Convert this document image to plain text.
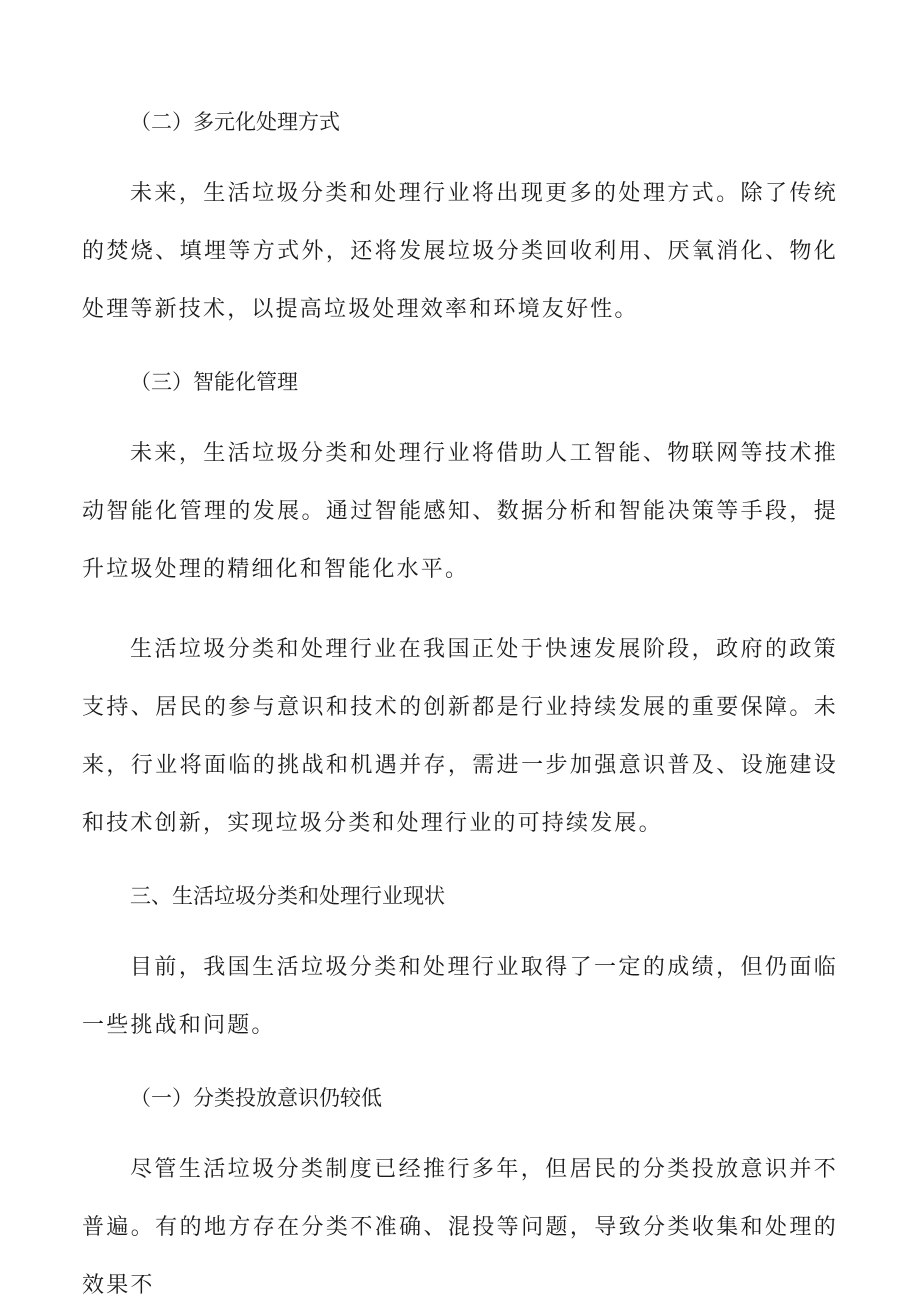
（二）多元化处理方式

未来，生活垃圾分类和处理行业将出现更多的处理方式。除了传统的焚烧、填埋等方式外，还将发展垃圾分类回收利用、厌氧消化、物化处理等新技术，以提高垃圾处理效率和环境友好性。

（三）智能化管理

未来，生活垃圾分类和处理行业将借助人工智能、物联网等技术推动智能化管理的发展。通过智能感知、数据分析和智能决策等手段，提升垃圾处理的精细化和智能化水平。

生活垃圾分类和处理行业在我国正处于快速发展阶段，政府的政策支持、居民的参与意识和技术的创新都是行业持续发展的重要保障。未来，行业将面临的挑战和机遇并存，需进一步加强意识普及、设施建设和技术创新，实现垃圾分类和处理行业的可持续发展。

三、生活垃圾分类和处理行业现状

目前，我国生活垃圾分类和处理行业取得了一定的成绩，但仍面临一些挑战和问题。

（一）分类投放意识仍较低

尽管生活垃圾分类制度已经推行多年，但居民的分类投放意识并不普遍。有的地方存在分类不准确、混投等问题，导致分类收集和处理的效果不
